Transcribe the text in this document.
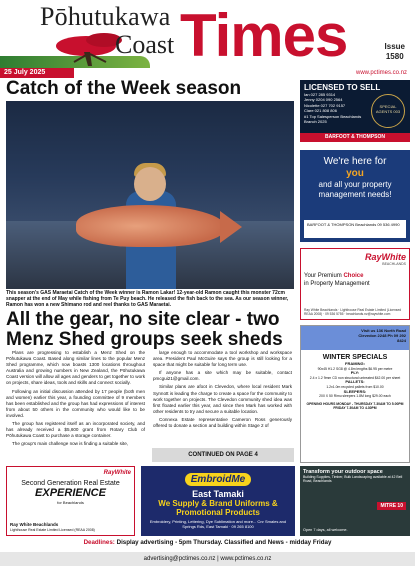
Pōhutukawa
Coast Times	Issue
1580
25 July 2025	www.pctimes.co.nz
Catch of the Week season

This season's GAS Maraetai Catch of the Week winner is Ramon Lakar! 12-year-old Ramon caught this monster 72cm snapper at the end of May while fishing from Te Puy beach. He released the fish back to the sea. As our season winner, Ramon has won a new Shimano rod and reel thanks to GAS Maraetai.

All the gear, no site clear - two Menz Shed groups seek sheds

Plans are progressing to establish a Menz Shed on the Pōhutukawa Coast. Based along similar lines to the popular Menz Shed programme, which now boasts 1300 locations throughout Australia and growing numbers in New Zealand, the Pōhutukawa Coast version will allow all ages and genders to get together to work on projects, share ideas, tools and skills and connect socially.

Following an initial discussion attended by 17 people (both men and women) earlier this year, a founding committee of 9 members has been established and the group has had expressions of interest from about 50 others in the community who would like to be involved.

The group has registered itself as an incorporated society, and has already received a $5,600 grant from Rotary Club of Pōhutukawa Coast to purchase a storage container.

The group's main challenge now is finding a suitable site,

large enough to accommodate a tool workshop and workspace area. President Paul McGuire says the group is still looking for a space that might be suitable for long term use.

If anyone has a site which may be suitable, contact pmcgui21@gmail.com.

Similar plans are afoot in Clevedon, where local resident Mark Synnott is leading the charge to create a space for the community to work together on projects. The Clevedon community shed idea was first floated earlier this year, and since then Mark has worked with other residents to try and secure a suitable location.

Connexa Estate representative Cameron Ross generously offered to donate a section and building within Stage 2 of

CONTINUED ON PAGE 4
LICENSED TO SELL
Ian 027 285 9314
Jenny 0204 090 2564
Nicolette 027 702 9157
Clare 021 808 806
#1 Top Salesperson Beachlands Branch 2025
SPECIAL AGENTS 003
BARFOOT & THOMPSON
We're here for
you
and all your property management needs!
BARFOOT & THOMPSON Beachlands 09 536 4990
RayWhite
BEACHLANDS
Your Premium Choice
in Property Management
Ray White Beachlands · Lighthouse Real Estate Limited (Licensed REAA 2008) · 09 536 5755 · beachlands.nz@raywhite.com
Visit us 136 North Road Clevedon 2248 Ph 09 292 8424
WINTER SPECIALS
FRAMING:
90x45 H1.2 SG8 @ 4.8m lengths $6.95 per metre
PLY:
2.4 x 1.2 9mm CD non structural untreated $42.00 per sheet
PALLETS:
1.2x1.0m recycled pallets from $10.00
SLEEPERS:
200 X 50 Rimu sleepers 1.8M long $29.00 each
OPENING HOURS MONDAY - THURSDAY 7.30AM TO 5.00PM FRIDAY 7.30AM TO 4.30PM
RayWhite
Second Generation Real Estate
EXPERIENCE
for Beachlands
Ray White Beachlands
Lighthouse Real Estate Limited Licensed (REAA 2008)
EmbroidMe
East Tamaki
We Supply & Brand Uniforms & Promotional Products
Embroidery, Printing, Lettering, Dye Sublimation and more... Cnr Smales and Springs Rds, East Tamaki · 09 265 8100
Transform your outdoor space
Building Supplies, Timber, Bulk Landscaping available at 42 Bell Road, Beachlands
MITRE 10
Open 7 days, all welcome.
Deadlines: Display advertising - 5pm Thursday. Classified and News - midday Friday
advertising@pctimes.co.nz | www.pctimes.co.nz
